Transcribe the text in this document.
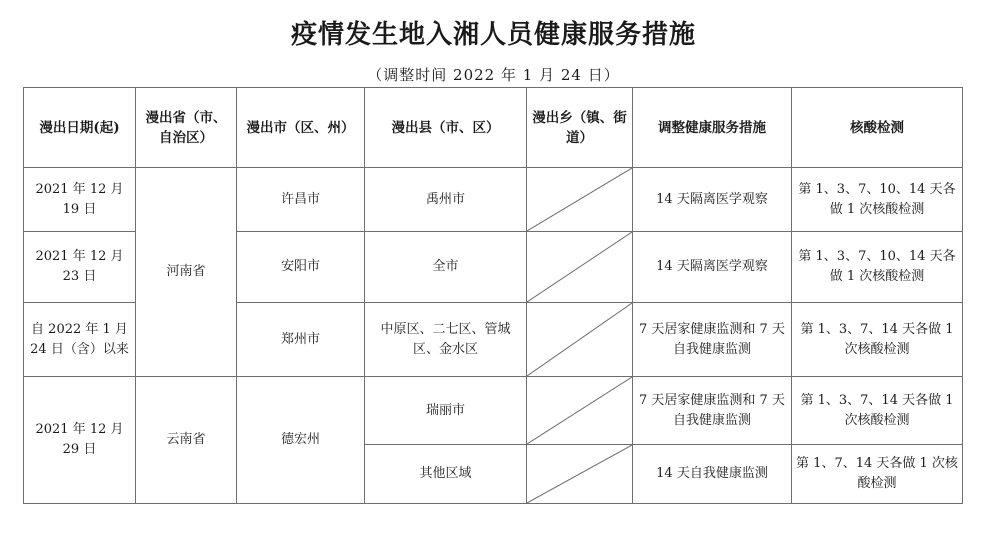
疫情发生地入湘人员健康服务措施
（调整时间 2022 年 1 月 24 日）
漫出日期(起)	漫出省（市、自治区）	漫出市（区、州）	漫出县（市、区）	漫出乡（镇、街道）	调整健康服务措施	核酸检测
2021 年 12 月 19 日	河南省	许昌市	禹州市		14 天隔离医学观察	第 1、3、7、10、14 天各做 1 次核酸检测
2021 年 12 月 23 日		安阳市	全市		14 天隔离医学观察	第 1、3、7、10、14 天各做 1 次核酸检测
自 2022 年 1 月 24 日（含）以来		郑州市	中原区、二七区、管城区、金水区		7 天居家健康监测和 7 天自我健康监测	第 1、3、7、14 天各做 1 次核酸检测
2021 年 12 月 29 日	云南省	德宏州	瑞丽市		7 天居家健康监测和 7 天自我健康监测	第 1、3、7、14 天各做 1 次核酸检测
			其他区域		14 天自我健康监测	第 1、7、14 天各做 1 次核酸检测
